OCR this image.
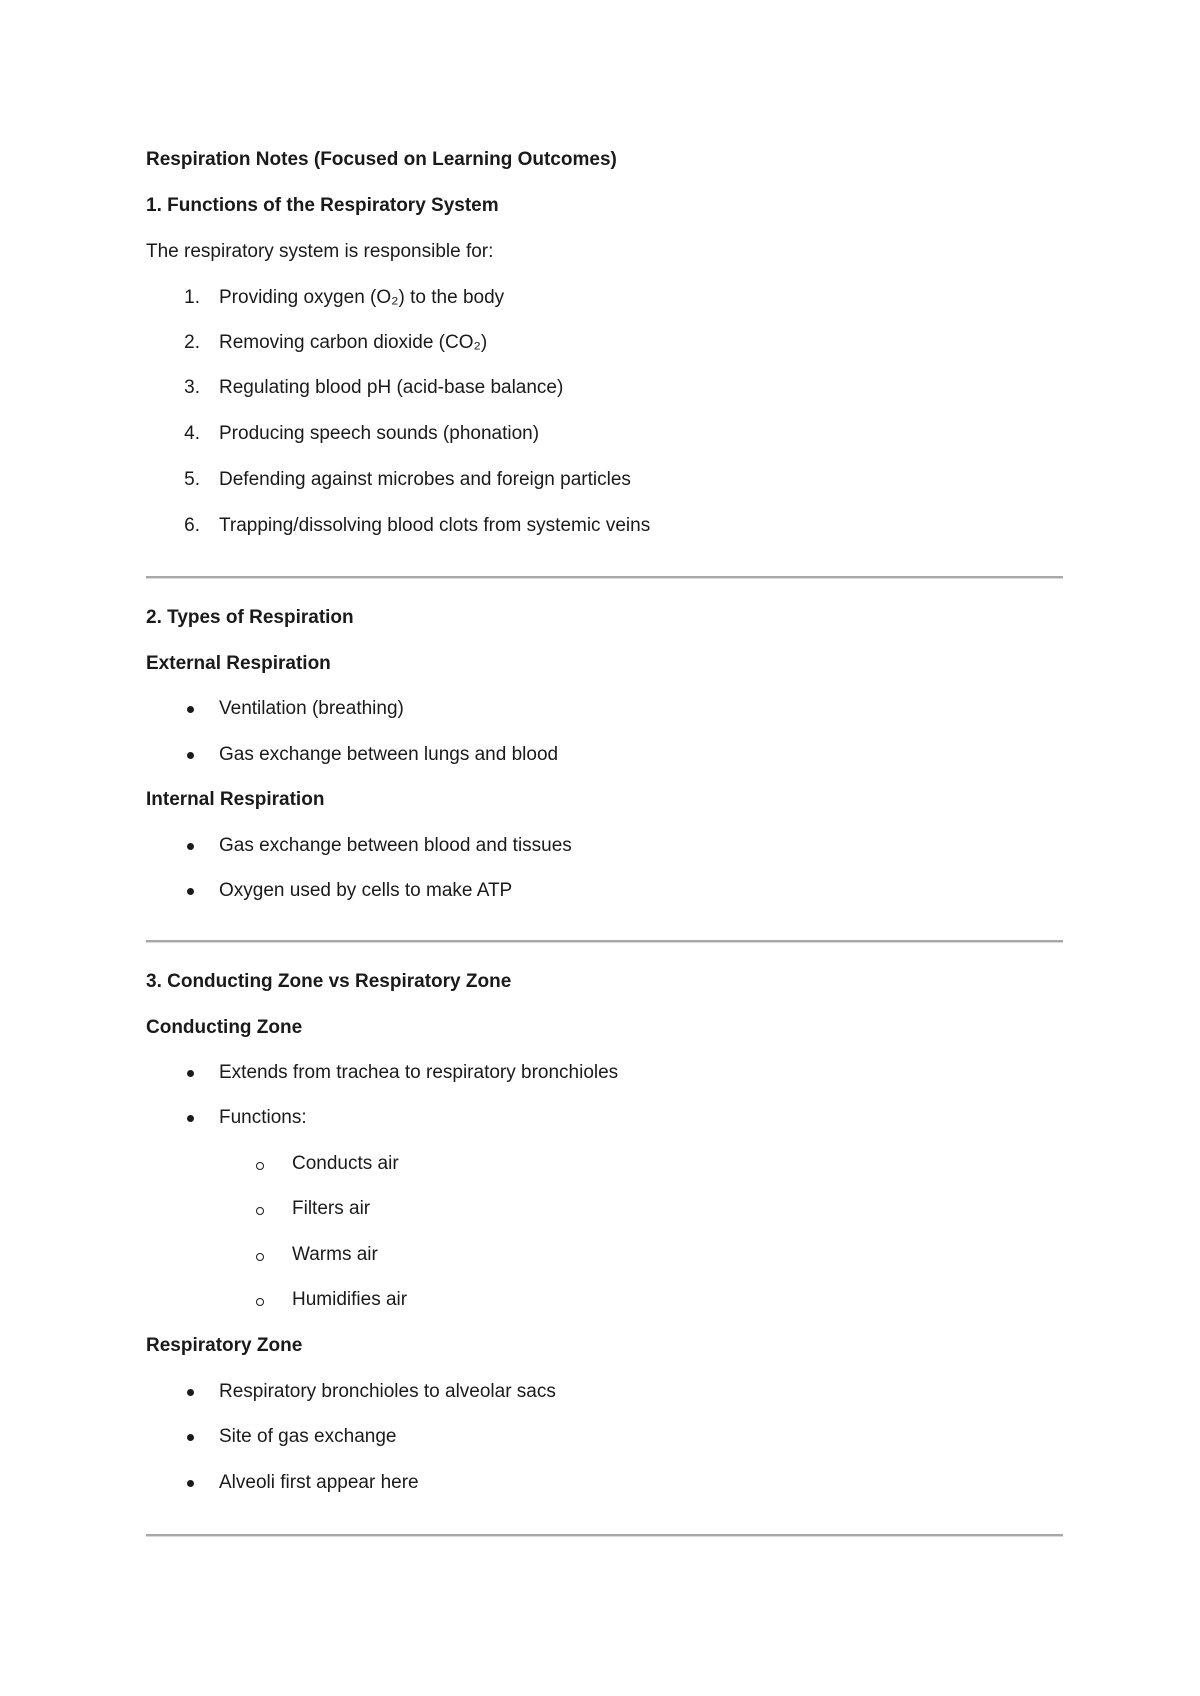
Respiration Notes (Focused on Learning Outcomes)
1. Functions of the Respiratory System
The respiratory system is responsible for:
1. Providing oxygen (O₂) to the body
2. Removing carbon dioxide (CO₂)
3. Regulating blood pH (acid-base balance)
4. Producing speech sounds (phonation)
5. Defending against microbes and foreign particles
6. Trapping/dissolving blood clots from systemic veins
2. Types of Respiration
External Respiration
Ventilation (breathing)
Gas exchange between lungs and blood
Internal Respiration
Gas exchange between blood and tissues
Oxygen used by cells to make ATP
3. Conducting Zone vs Respiratory Zone
Conducting Zone
Extends from trachea to respiratory bronchioles
Functions:
Conducts air
Filters air
Warms air
Humidifies air
Respiratory Zone
Respiratory bronchioles to alveolar sacs
Site of gas exchange
Alveoli first appear here
